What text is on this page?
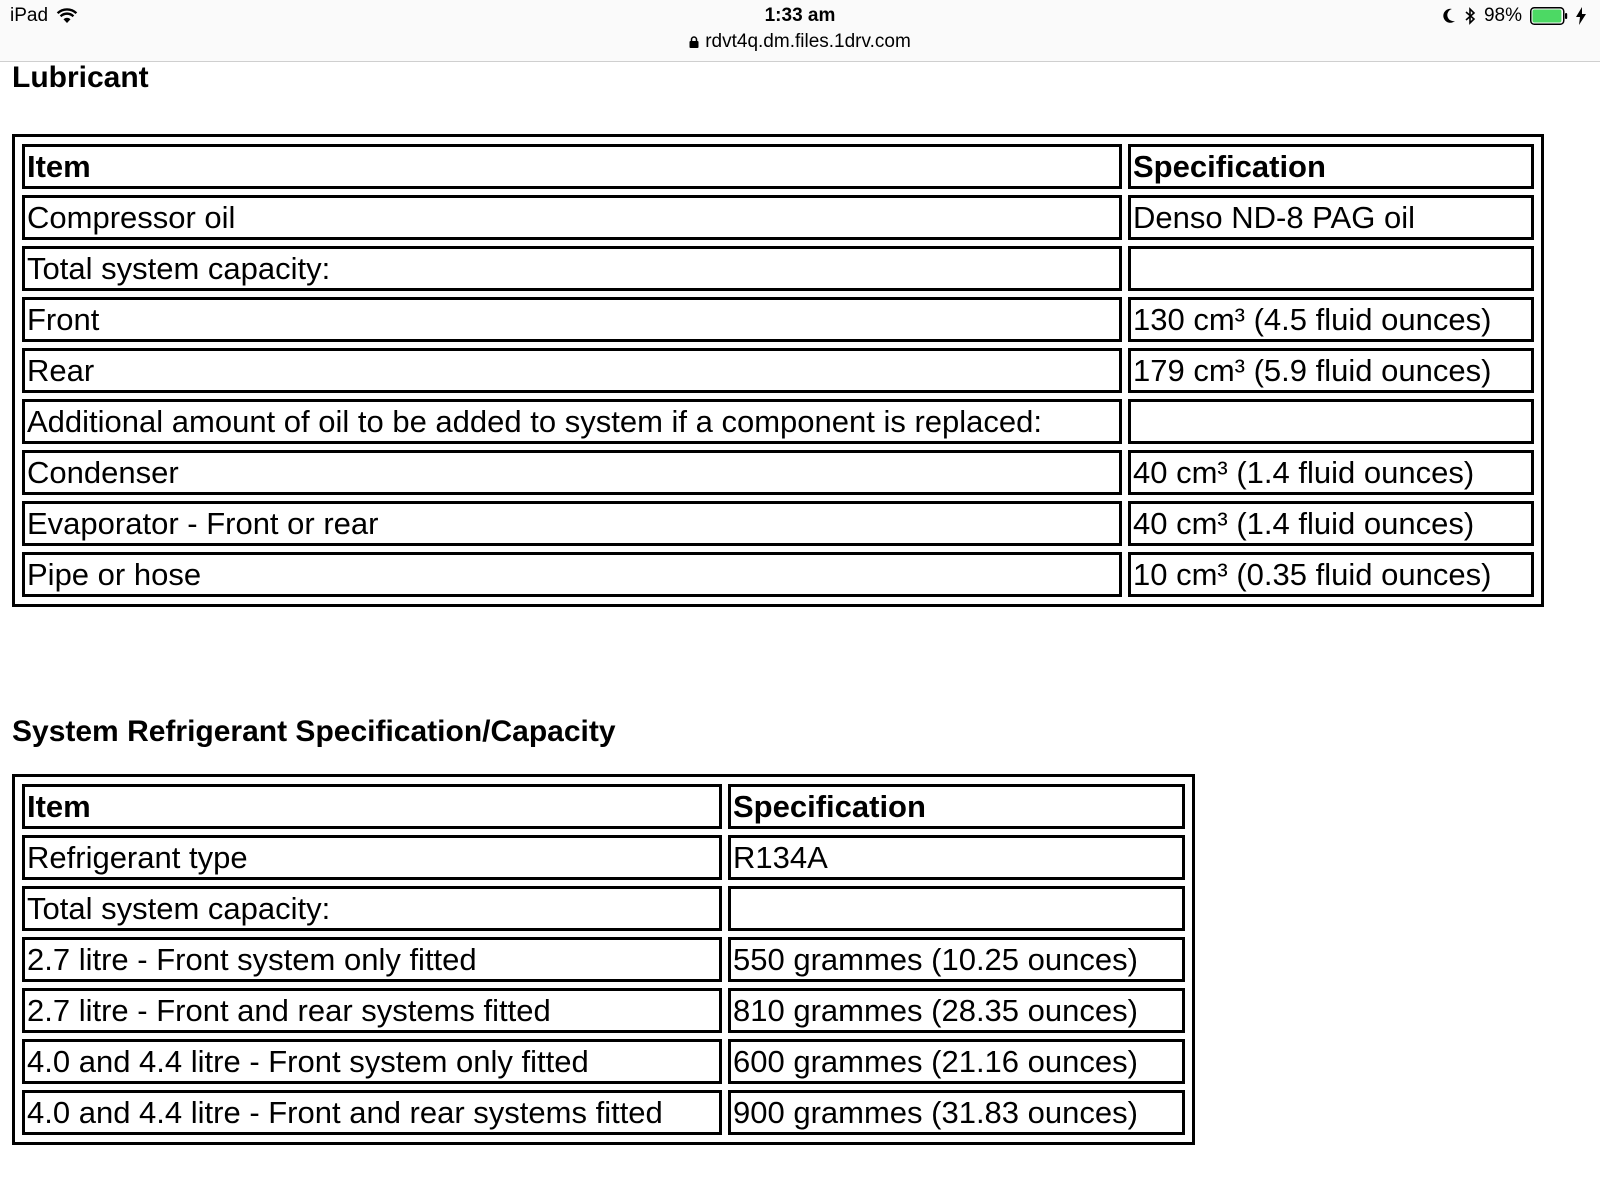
iPad	1:33 am
rdvt4q.dm.files.1drv.com
98%
Lubricant
Item	Specification
Compressor oil	Denso ND-8 PAG oil
Total system capacity:	
Front	130 cm³ (4.5 fluid ounces)
Rear	179 cm³ (5.9 fluid ounces)
Additional amount of oil to be added to system if a component is replaced:	
Condenser	40 cm³ (1.4 fluid ounces)
Evaporator - Front or rear	40 cm³ (1.4 fluid ounces)
Pipe or hose	10 cm³ (0.35 fluid ounces)
System Refrigerant Specification/Capacity
Item	Specification
Refrigerant type	R134A
Total system capacity:	
2.7 litre - Front system only fitted	550 grammes (10.25 ounces)
2.7 litre - Front and rear systems fitted	810 grammes (28.35 ounces)
4.0 and 4.4 litre - Front system only fitted	600 grammes (21.16 ounces)
4.0 and 4.4 litre - Front and rear systems fitted	900 grammes (31.83 ounces)
